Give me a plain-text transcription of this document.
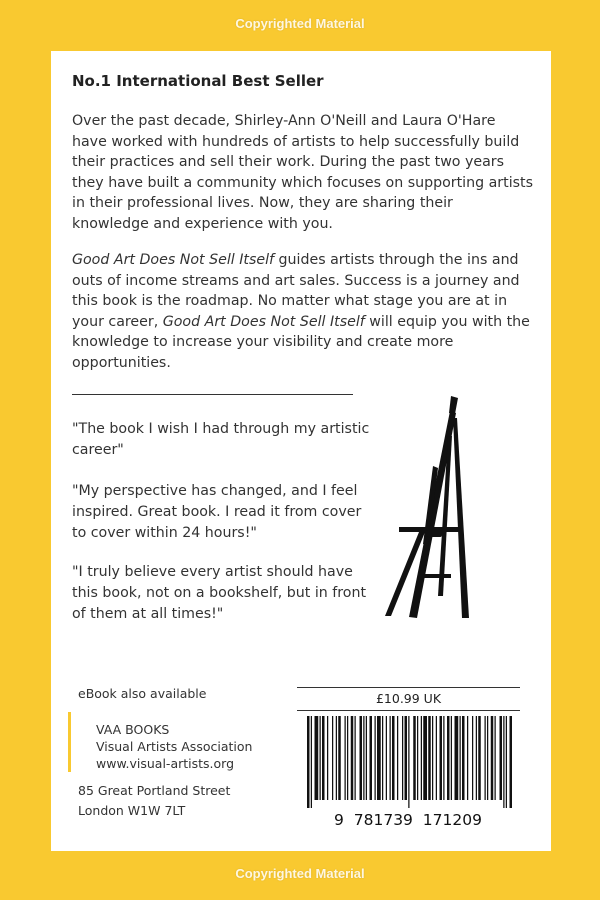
Copyrighted Material
No.1 International Best Seller

Over the past decade, Shirley-Ann O'Neill and Laura O'Hare have worked with hundreds of artists to help successfully build their practices and sell their work. During the past two years they have built a community which focuses on supporting artists in their professional lives. Now, they are sharing their knowledge and experience with you.

Good Art Does Not Sell Itself guides artists through the ins and outs of income streams and art sales. Success is a journey and this book is the roadmap. No matter what stage you are at in your career, Good Art Does Not Sell Itself will equip you with the knowledge to increase your visibility and create more opportunities.

"The book I wish I had through my artistic career"

"My perspective has changed, and I feel inspired. Great book. I read it from cover to cover within 24 hours!"

"I truly believe every artist should have this book, not on a bookshelf, but in front of them at all times!"

eBook also available
VAA BOOKS
Visual Artists Association
www.visual-artists.org
85 Great Portland Street
London W1W 7LT
£10.99 UK
9  781739  171209
Copyrighted Material
